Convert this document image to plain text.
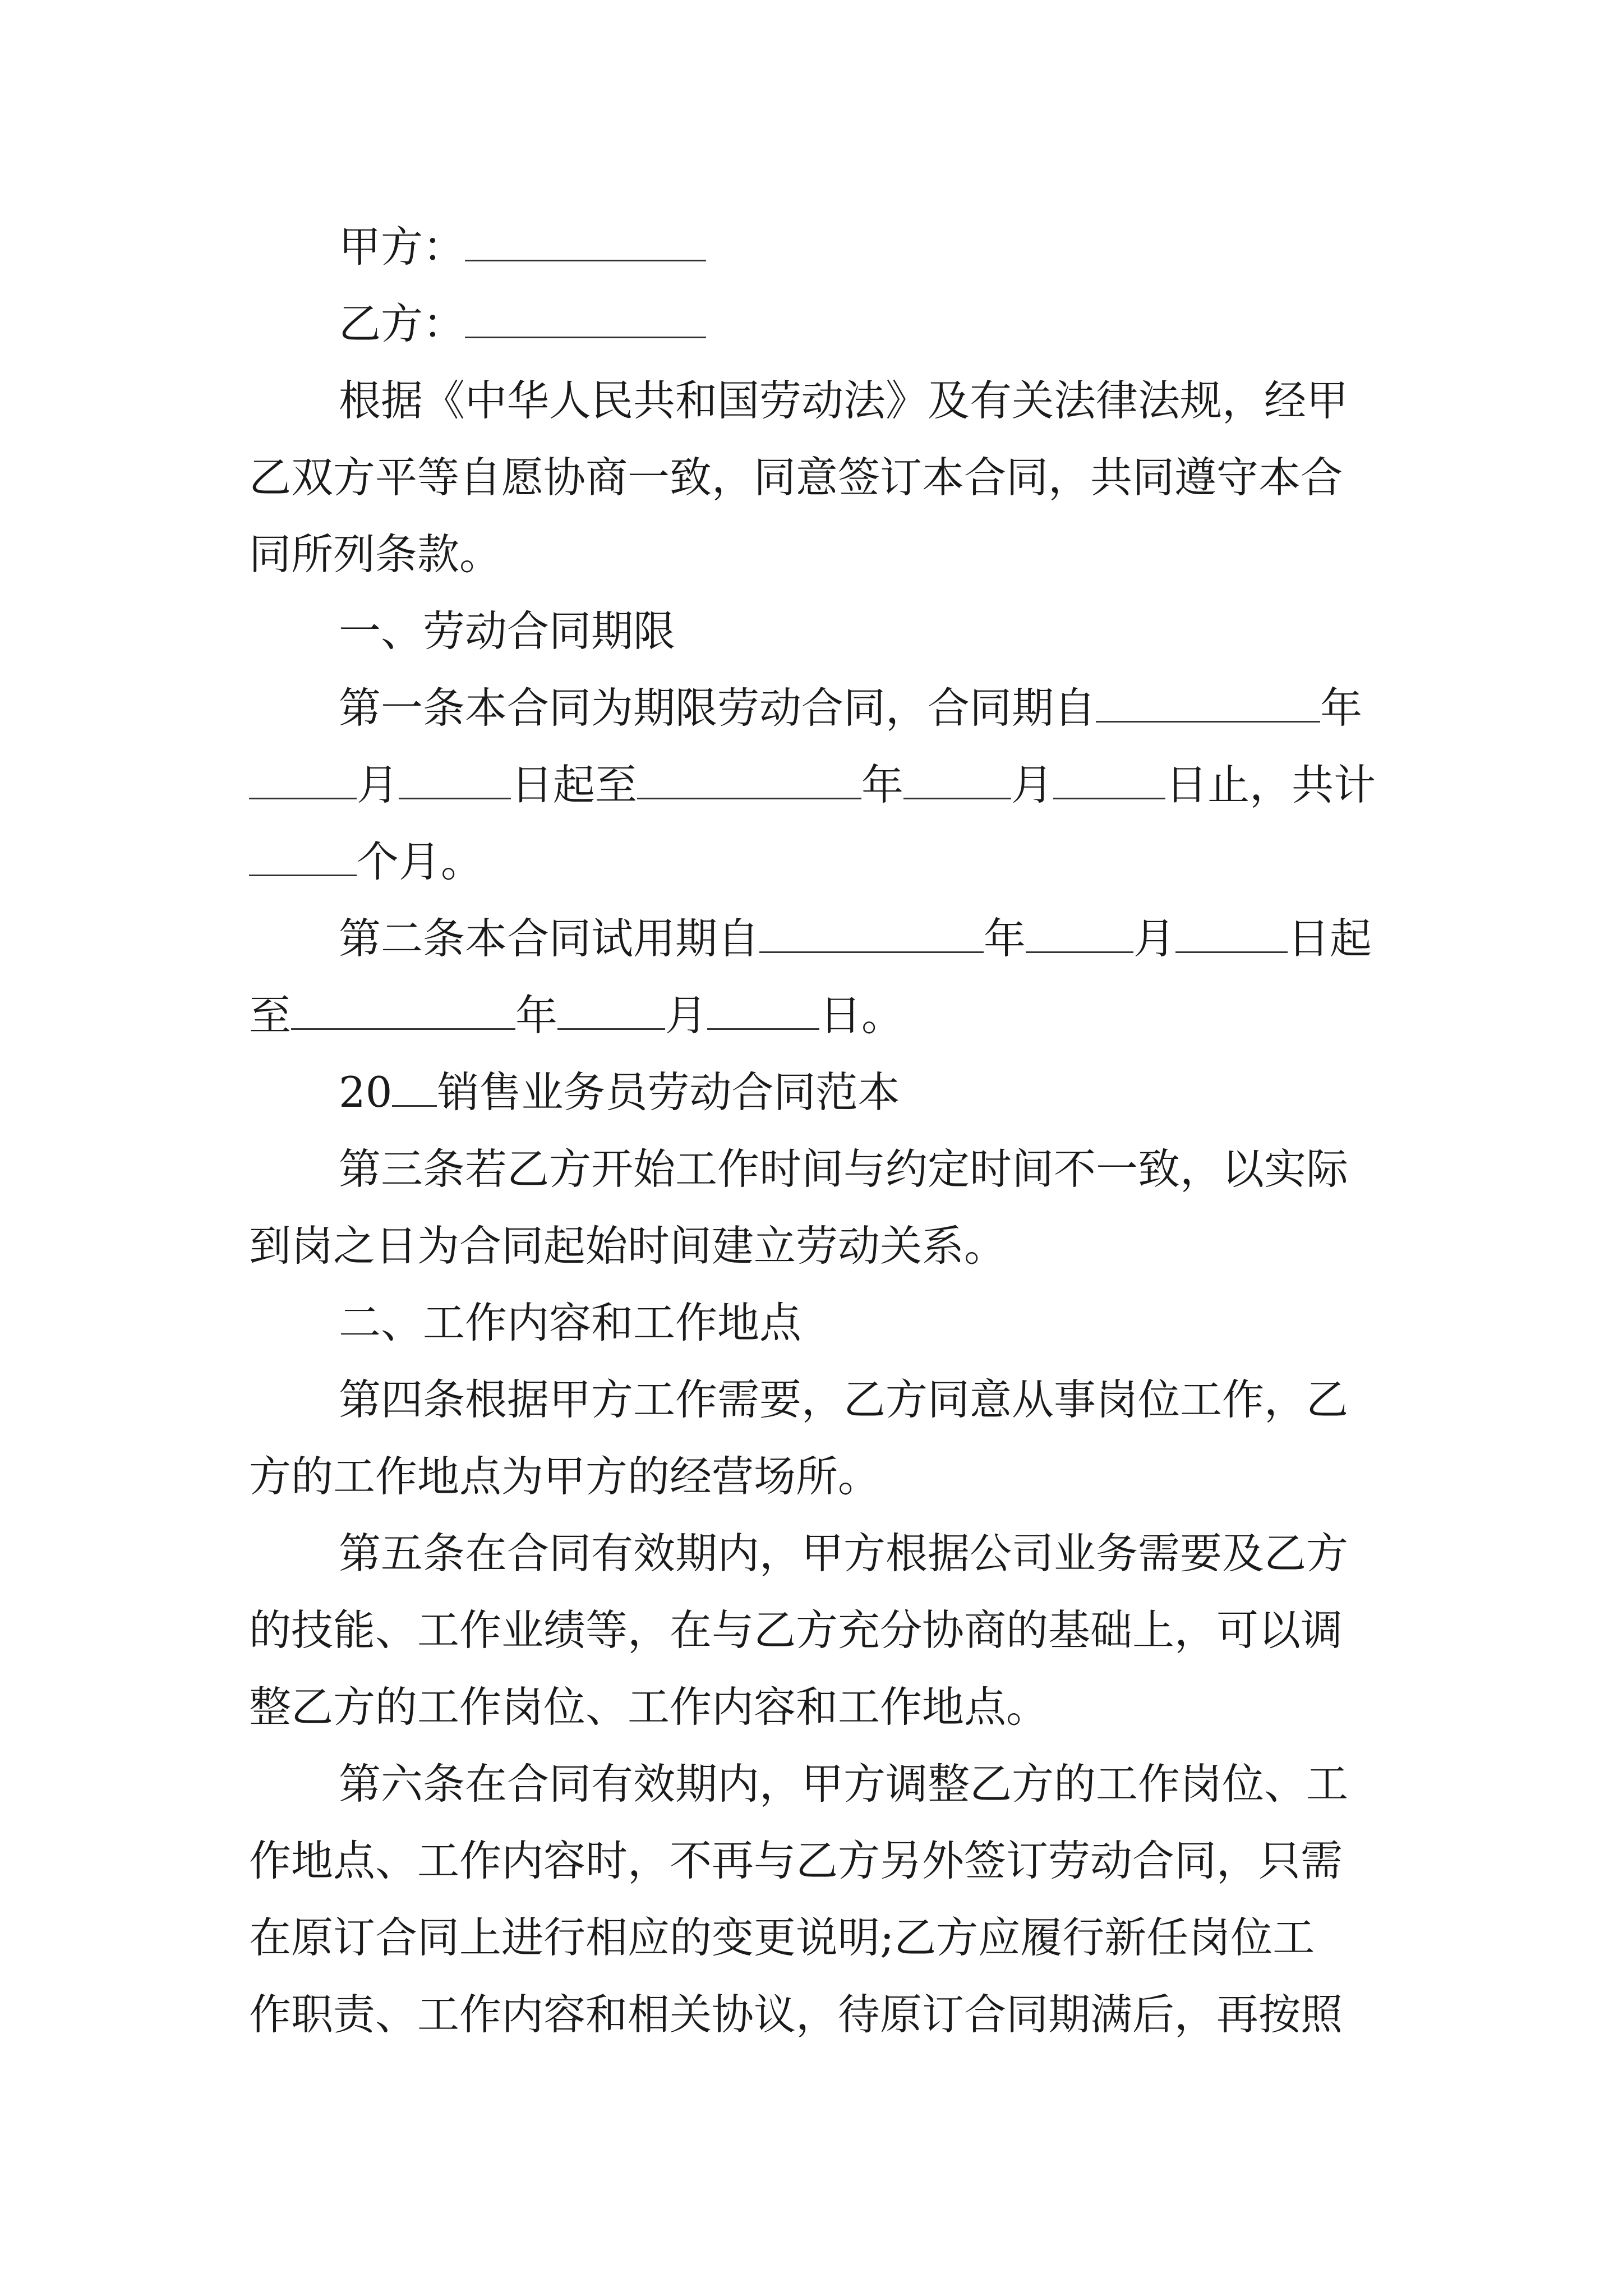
甲方：
乙方：
根据《中华人民共和国劳动法》及有关法律法规，经甲
乙双方平等自愿协商一致，同意签订本合同，共同遵守本合
同所列条款。
一、劳动合同期限
第一条本合同为期限劳动合同，合同期自	年
月	日起至	年	月	日止，共计
个月。
第二条本合同试用期自	年	月	日起
至	年	月	日。
20 销售业务员劳动合同范本
第三条若乙方开始工作时间与约定时间不一致，以实际
到岗之日为合同起始时间建立劳动关系。
二、工作内容和工作地点
第四条根据甲方工作需要，乙方同意从事岗位工作，乙
方的工作地点为甲方的经营场所。
第五条在合同有效期内，甲方根据公司业务需要及乙方
的技能、工作业绩等，在与乙方充分协商的基础上，可以调
整乙方的工作岗位、工作内容和工作地点。
第六条在合同有效期内，甲方调整乙方的工作岗位、工
作地点、工作内容时，不再与乙方另外签订劳动合同，只需
在原订合同上进行相应的变更说明;乙方应履行新任岗位工
作职责、工作内容和相关协议，待原订合同期满后，再按照
